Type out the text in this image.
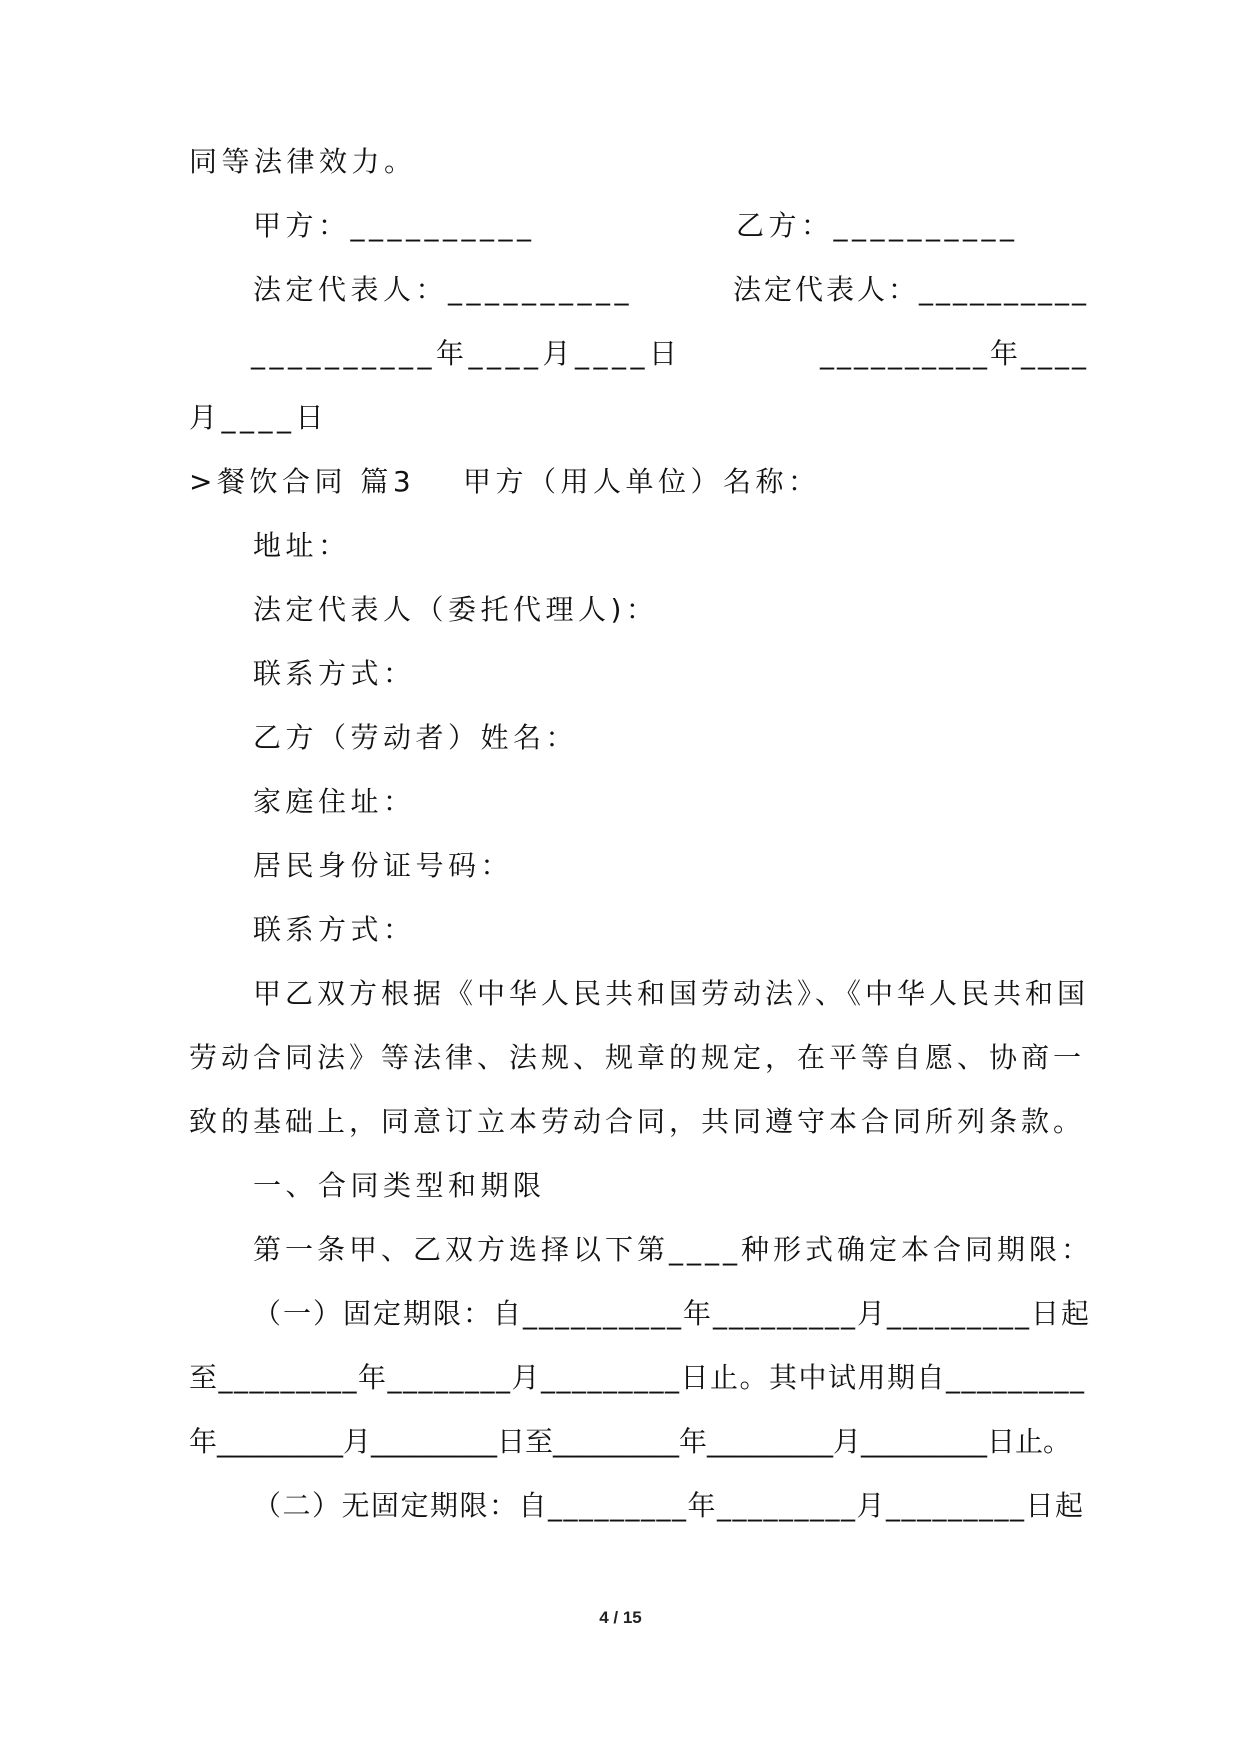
同等法律效力。

甲方：__________	乙方：__________

法定代表人：__________	法定代表人：__________

__________年____月____日	__________年____

月____日

>餐饮合同 篇3 甲方（用人单位）名称：

地址：

法定代表人（委托代理人)：

联系方式：

乙方（劳动者）姓名：

家庭住址：

居民身份证号码：

联系方式：

甲乙双方根据《中华人民共和国劳动法》、《中华人民共和国

劳动合同法》等法律、法规、规章的规定，在平等自愿、协商一

致的基础上，同意订立本劳动合同，共同遵守本合同所列条款。

一、合同类型和期限

第一条甲、乙双方选择以下第____种形式确定本合同期限：

（一）固定期限：自__________年_________月_________日起

至_________年________月_________日止。其中试用期自_________

年_________月_________日至_________年_________月_________日止。

（二）无固定期限：自_________年_________月_________日起

4 / 15
